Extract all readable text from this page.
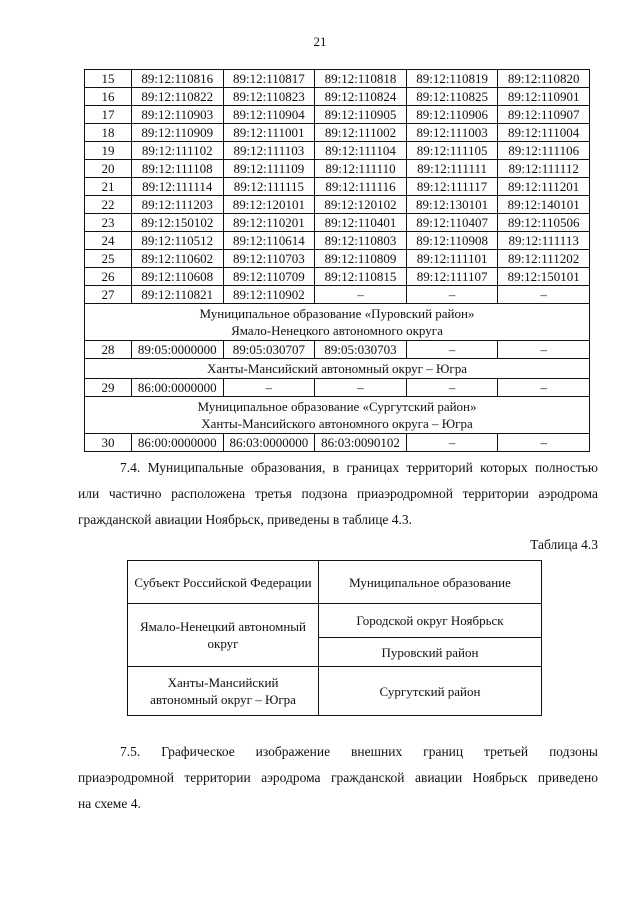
21
15	89:12:110816	89:12:110817	89:12:110818	89:12:110819	89:12:110820
16	89:12:110822	89:12:110823	89:12:110824	89:12:110825	89:12:110901
17	89:12:110903	89:12:110904	89:12:110905	89:12:110906	89:12:110907
18	89:12:110909	89:12:111001	89:12:111002	89:12:111003	89:12:111004
19	89:12:111102	89:12:111103	89:12:111104	89:12:111105	89:12:111106
20	89:12:111108	89:12:111109	89:12:111110	89:12:111111	89:12:111112
21	89:12:111114	89:12:111115	89:12:111116	89:12:111117	89:12:111201
22	89:12:111203	89:12:120101	89:12:120102	89:12:130101	89:12:140101
23	89:12:150102	89:12:110201	89:12:110401	89:12:110407	89:12:110506
24	89:12:110512	89:12:110614	89:12:110803	89:12:110908	89:12:111113
25	89:12:110602	89:12:110703	89:12:110809	89:12:111101	89:12:111202
26	89:12:110608	89:12:110709	89:12:110815	89:12:111107	89:12:150101
27	89:12:110821	89:12:110902	–	–	–
Муниципальное образование «Пуровский район»
Ямало-Ненецкого автономного округа					
28	89:05:0000000	89:05:030707	89:05:030703	–	–
Ханты-Мансийский автономный округ – Югра					
29	86:00:0000000	–	–	–	–
Муниципальное образование «Сургутский район»
Ханты-Мансийского автономного округа – Югра					
30	86:00:0000000	86:03:0000000	86:03:0090102	–	–
7.4. Муниципальные образования, в границах территорий которых полностью
или частично расположена третья подзона приаэродромной территории аэродрома
гражданской авиации Ноябрьск, приведены в таблице 4.3.
Таблица 4.3
Субъект Российской Федерации	Муниципальное образование
Ямало-Ненецкий автономный округ	Городской округ Ноябрьск
	Пуровский район
Ханты-Мансийский автономный округ – Югра	Сургутский район
7.5. Графическое изображение внешних границ третьей подзоны
приаэродромной территории аэродрома гражданской авиации Ноябрьск приведено
на схеме 4.
